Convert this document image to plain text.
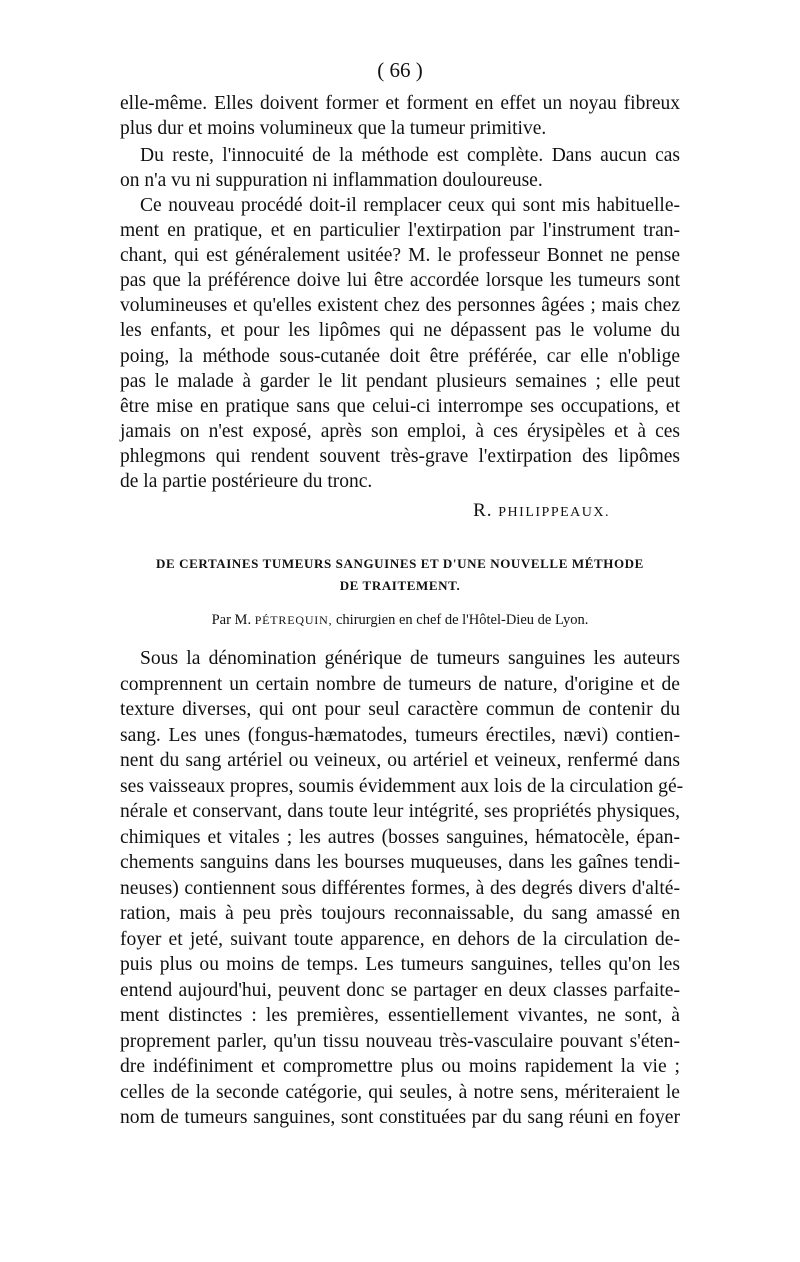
( 66 )
elle-même. Elles doivent former et forment en effet un noyau fibreux
plus dur et moins volumineux que la tumeur primitive.
Du reste, l'innocuité de la méthode est complète. Dans aucun cas
on n'a vu ni suppuration ni inflammation douloureuse.
Ce nouveau procédé doit-il remplacer ceux qui sont mis habituelle-
ment en pratique, et en particulier l'extirpation par l'instrument tran-
chant, qui est généralement usitée? M. le professeur Bonnet ne pense
pas que la préférence doive lui être accordée lorsque les tumeurs sont
volumineuses et qu'elles existent chez des personnes âgées ; mais chez
les enfants, et pour les lipômes qui ne dépassent pas le volume du
poing, la méthode sous-cutanée doit être préférée, car elle n'oblige
pas le malade à garder le lit pendant plusieurs semaines ; elle peut
être mise en pratique sans que celui-ci interrompe ses occupations, et
jamais on n'est exposé, après son emploi, à ces érysipèles et à ces
phlegmons qui rendent souvent très-grave l'extirpation des lipômes
de la partie postérieure du tronc.
R. PHILIPPEAUX.
DE CERTAINES TUMEURS SANGUINES ET D'UNE NOUVELLE MÉTHODE
DE TRAITEMENT.
Par M. PÉTREQUIN, chirurgien en chef de l'Hôtel-Dieu de Lyon.
Sous la dénomination générique de tumeurs sanguines les auteurs
comprennent un certain nombre de tumeurs de nature, d'origine et de
texture diverses, qui ont pour seul caractère commun de contenir du
sang. Les unes (fongus-hæmatodes, tumeurs érectiles, nævi) contien-
nent du sang artériel ou veineux, ou artériel et veineux, renfermé dans
ses vaisseaux propres, soumis évidemment aux lois de la circulation gé-
nérale et conservant, dans toute leur intégrité, ses propriétés physiques,
chimiques et vitales ; les autres (bosses sanguines, hématocèle, épan-
chements sanguins dans les bourses muqueuses, dans les gaînes tendi-
neuses) contiennent sous différentes formes, à des degrés divers d'alté-
ration, mais à peu près toujours reconnaissable, du sang amassé en
foyer et jeté, suivant toute apparence, en dehors de la circulation de-
puis plus ou moins de temps. Les tumeurs sanguines, telles qu'on les
entend aujourd'hui, peuvent donc se partager en deux classes parfaite-
ment distinctes : les premières, essentiellement vivantes, ne sont, à
proprement parler, qu'un tissu nouveau très-vasculaire pouvant s'éten-
dre indéfiniment et compromettre plus ou moins rapidement la vie ;
celles de la seconde catégorie, qui seules, à notre sens, mériteraient le
nom de tumeurs sanguines, sont constituées par du sang réuni en foyer
